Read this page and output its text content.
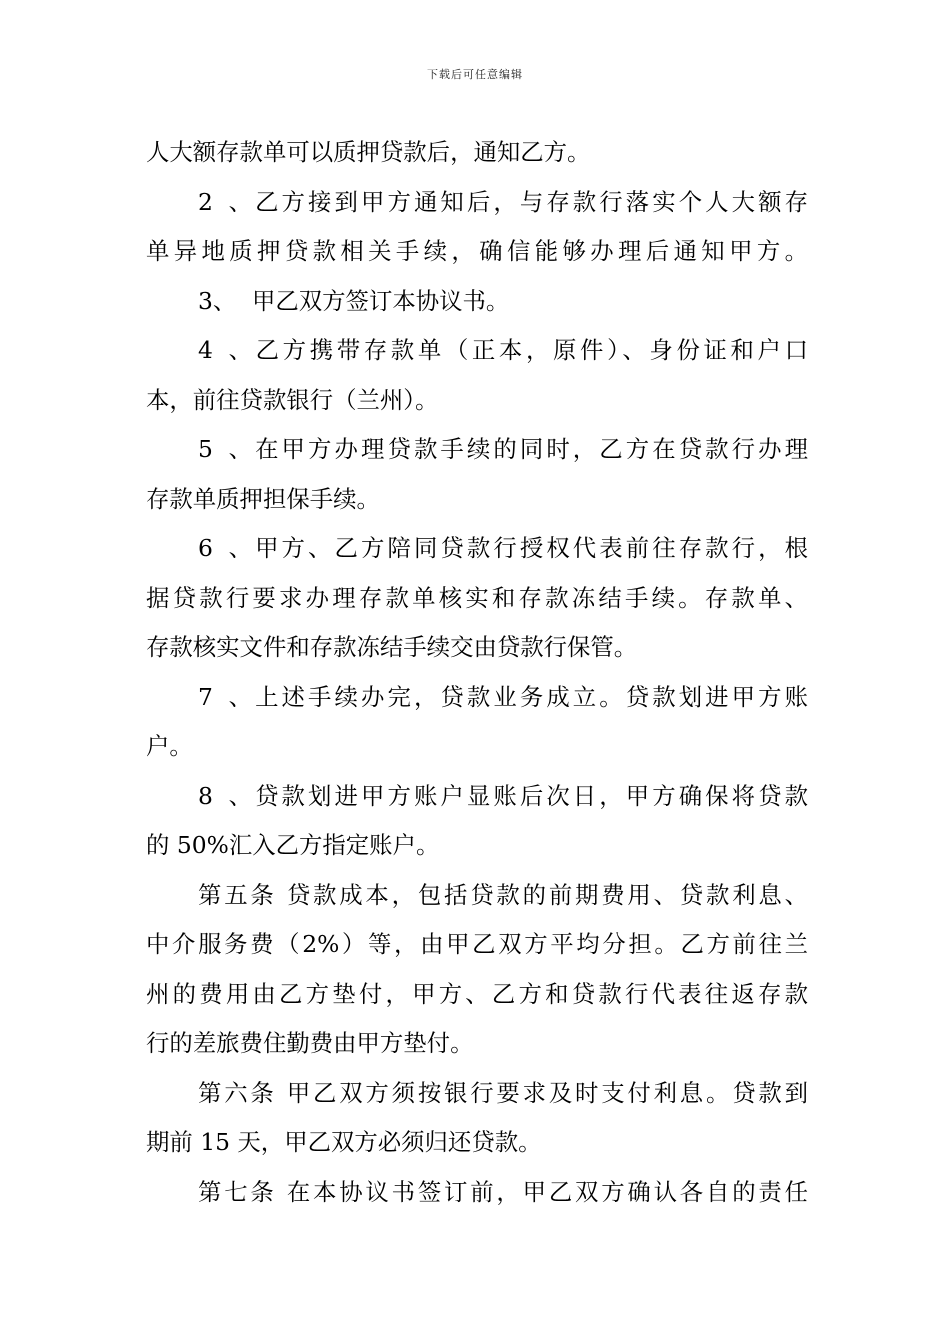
下载后可任意编辑
人大额存款单可以质押贷款后，通知乙方。
2、乙方接到甲方通知后，与存款行落实个人大额存
单异地质押贷款相关手续，确信能够办理后通知甲方。
3、 甲乙双方签订本协议书。
4、乙方携带存款单（正本，原件）、身份证和户口
本，前往贷款银行（兰州）。
5、在甲方办理贷款手续的同时，乙方在贷款行办理
存款单质押担保手续。
6、甲方、乙方陪同贷款行授权代表前往存款行，根
据贷款行要求办理存款单核实和存款冻结手续。存款单、
存款核实文件和存款冻结手续交由贷款行保管。
7、上述手续办完，贷款业务成立。贷款划进甲方账
户。
8、贷款划进甲方账户显账后次日，甲方确保将贷款
的 50%汇入乙方指定账户。
第五条 贷款成本，包括贷款的前期费用、贷款利息、
中介服务费（2%）等，由甲乙双方平均分担。乙方前往兰
州的费用由乙方垫付，甲方、乙方和贷款行代表往返存款
行的差旅费住勤费由甲方垫付。
第六条 甲乙双方须按银行要求及时支付利息。贷款到
期前 15 天，甲乙双方必须归还贷款。
第七条 在本协议书签订前，甲乙双方确认各自的责任
